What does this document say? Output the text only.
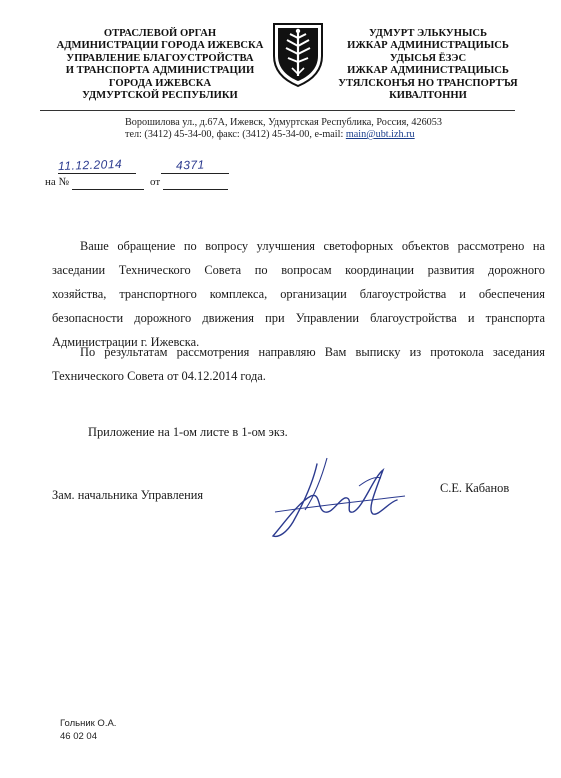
ОТРАСЛЕВОЙ ОРГАН
АДМИНИСТРАЦИИ ГОРОДА ИЖЕВСКА
УПРАВЛЕНИЕ БЛАГОУСТРОЙСТВА
И ТРАНСПОРТА АДМИНИСТРАЦИИ
ГОРОДА ИЖЕВСКА
УДМУРТСКОЙ РЕСПУБЛИКИ
УДМУРТ ЭЛЬКУНЫСЬ
ИЖКАР АДМИНИСТРАЦИЫСЬ
УДЫСЬЯ ЁЗЭС
ИЖКАР АДМИНИСТРАЦИЫСЬ
УТЯЛСКОНЪЯ НО ТРАНСПОРТЪЯ
КИВАЛТОННИ
Ворошилова ул., д.67А, Ижевск, Удмуртская Республика, Россия, 426053
тел: (3412) 45-34-00, факс: (3412) 45-34-00, e-mail: main@ubt.izh.ru
11.12.2014	4371
на №	от
Ваше обращение по вопросу улучшения светофорных объектов рассмотрено на
заседании Технического Совета по вопросам координации развития дорожного
хозяйства, транспортного комплекса, организации благоустройства и обеспечения
безопасности дорожного движения при Управлении благоустройства и транспорта
Администрации г. Ижевска.
По результатам рассмотрения направляю Вам выписку из протокола заседания
Технического Совета от 04.12.2014 года.
Приложение на 1-ом листе в 1-ом экз.
Зам. начальника Управления	С.Е. Кабанов
Гольник О.А.
46 02 04
